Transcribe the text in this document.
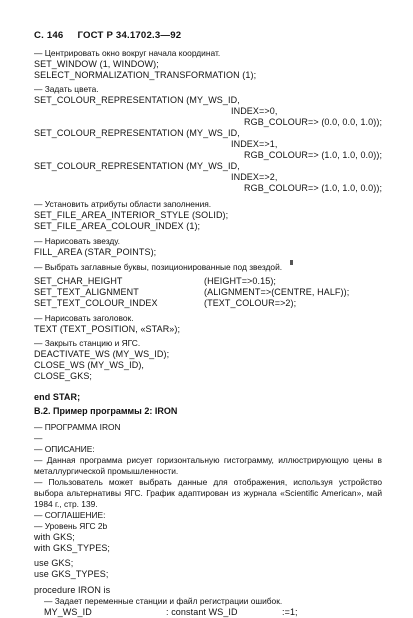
С. 146 ГОСТ Р 34.1702.3—92
— Центрировать окно вокруг начала координат.
SET_WINDOW (1, WINDOW);
SELECT_NORMALIZATION_TRANSFORMATION (1);
— Задать цвета.
SET_COLOUR_REPRESENTATION (MY_WS_ID,
INDEX=>0,
RGB_COLOUR=> (0.0, 0.0, 1.0));
SET_COLOUR_REPRESENTATION (MY_WS_ID,
INDEX=>1,
RGB_COLOUR=> (1.0, 1.0, 0.0));
SET_COLOUR_REPRESENTATION (MY_WS_ID,
INDEX=>2,
RGB_COLOUR=> (1.0, 1.0, 0.0));
— Установить атрибуты области заполнения.
SET_FILE_AREA_INTERIOR_STYLE (SOLID);
SET_FILE_AREA_COLOUR_INDEX (1);
— Нарисовать звезду.
FILL_AREA (STAR_POINTS);
— Выбрать заглавные буквы, позиционированные под звездой.
SET_CHAR_HEIGHT	(HEIGHT=>0.15);
SET_TEXT_ALIGNMENT	(ALIGNMENT=>(CENTRE, HALF));
SET_TEXT_COLOUR_INDEX	(TEXT_COLOUR=>2);
— Нарисовать заголовок.
TEXT (TEXT_POSITION, «STAR»);
— Закрыть станцию и ЯГС.
DEACTIVATE_WS (MY_WS_ID);
CLOSE_WS (MY_WS_ID),
CLOSE_GKS;
end STAR;
В.2. Пример программы 2: IRON
— ПРОГРАММА IRON
—
— ОПИСАНИЕ:
— Данная программа рисует горизонтальную гистограмму, иллюстрирующую цены в металлургической промышленности.
— Пользователь может выбрать данные для отображения, используя устройство выбора альтернативы ЯГС. График адаптирован из журнала «Scientific American», май 1984 г., стр. 139.
— СОГЛАШЕНИЕ:
— Уровень ЯГС 2b
with GKS;
with GKS_TYPES;
use GKS;
use GKS_TYPES;
procedure IRON is
— Задает переменные станции и файл регистрации ошибок.
MY_WS_ID	: constant WS_ID	:=1;
